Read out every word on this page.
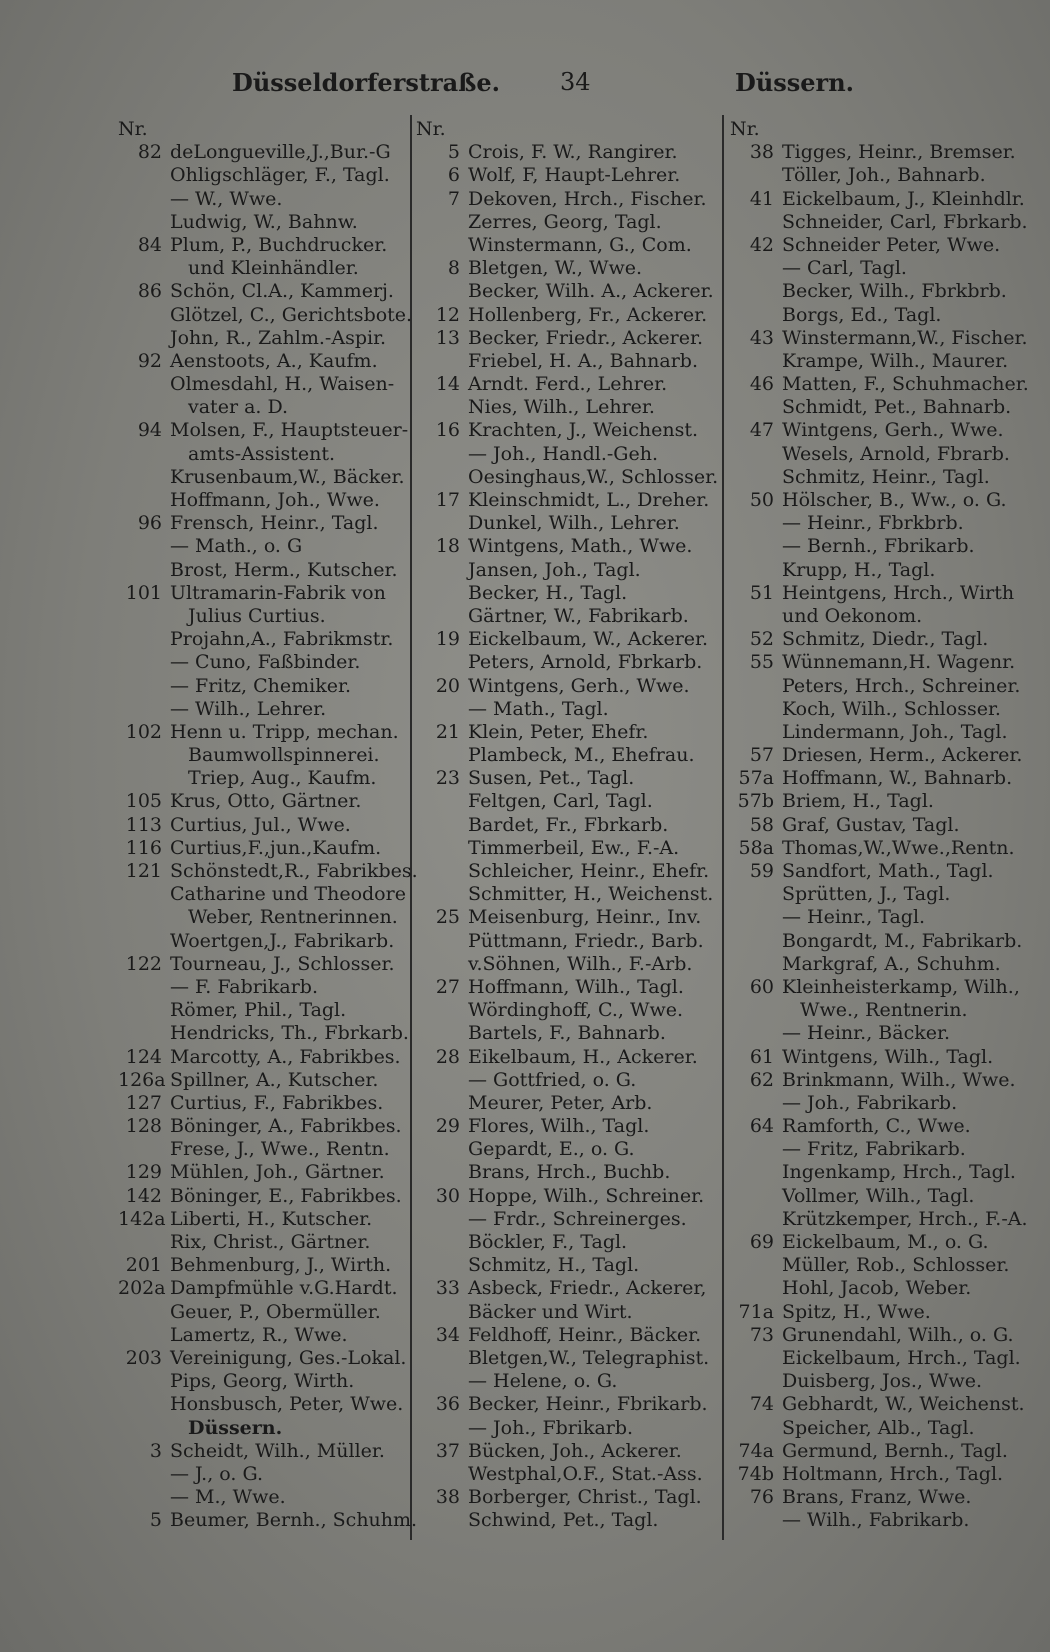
Düsseldorferstraße.	34	Düssern.
Nr.
82 deLongueville,J.,Bur.-G
Ohligschläger, F., Tagl.
— W., Wwe.
Ludwig, W., Bahnw.
84 Plum, P., Buchdrucker.
und Kleinhändler.
86 Schön, Cl.A., Kammerj.
Glötzel, C., Gerichtsbote.
John, R., Zahlm.-Aspir.
92 Aenstoots, A., Kaufm.
Olmesdahl, H., Waisen-
vater a. D.
94 Molsen, F., Hauptsteuer-
amts-Assistent.
Krusenbaum,W., Bäcker.
Hoffmann, Joh., Wwe.
96 Frensch, Heinr., Tagl.
— Math., o. G
Brost, Herm., Kutscher.
101 Ultramarin-Fabrik von
Julius Curtius.
Projahn,A., Fabrikmstr.
— Cuno, Faßbinder.
— Fritz, Chemiker.
— Wilh., Lehrer.
102 Henn u. Tripp, mechan.
Baumwollspinnerei.
Triep, Aug., Kaufm.
105 Krus, Otto, Gärtner.
113 Curtius, Jul., Wwe.
116 Curtius,F.,jun.,Kaufm.
121 Schönstedt,R., Fabrikbes.
Catharine und Theodore
Weber, Rentnerinnen.
Woertgen,J., Fabrikarb.
122 Tourneau, J., Schlosser.
— F. Fabrikarb.
Römer, Phil., Tagl.
Hendricks, Th., Fbrkarb.
124 Marcotty, A., Fabrikbes.
126a Spillner, A., Kutscher.
127 Curtius, F., Fabrikbes.
128 Böninger, A., Fabrikbes.
Frese, J., Wwe., Rentn.
129 Mühlen, Joh., Gärtner.
142 Böninger, E., Fabrikbes.
142a Liberti, H., Kutscher.
Rix, Christ., Gärtner.
201 Behmenburg, J., Wirth.
202a Dampfmühle v.G.Hardt.
Geuer, P., Obermüller.
Lamertz, R., Wwe.
203 Vereinigung, Ges.-Lokal.
Pips, Georg, Wirth.
Honsbusch, Peter, Wwe.
Düssern.
3 Scheidt, Wilh., Müller.
— J., o. G.
— M., Wwe.
5 Beumer, Bernh., Schuhm.
Nr.
5 Crois, F. W., Rangirer.
6 Wolf, F, Haupt-Lehrer.
7 Dekoven, Hrch., Fischer.
Zerres, Georg, Tagl.
Winstermann, G., Com.
8 Bletgen, W., Wwe.
Becker, Wilh. A., Ackerer.
12 Hollenberg, Fr., Ackerer.
13 Becker, Friedr., Ackerer.
Friebel, H. A., Bahnarb.
14 Arndt. Ferd., Lehrer.
Nies, Wilh., Lehrer.
16 Krachten, J., Weichenst.
— Joh., Handl.-Geh.
Oesinghaus,W., Schlosser.
17 Kleinschmidt, L., Dreher.
Dunkel, Wilh., Lehrer.
18 Wintgens, Math., Wwe.
Jansen, Joh., Tagl.
Becker, H., Tagl.
Gärtner, W., Fabrikarb.
19 Eickelbaum, W., Ackerer.
Peters, Arnold, Fbrkarb.
20 Wintgens, Gerh., Wwe.
— Math., Tagl.
21 Klein, Peter, Ehefr.
Plambeck, M., Ehefrau.
23 Susen, Pet., Tagl.
Feltgen, Carl, Tagl.
Bardet, Fr., Fbrkarb.
Timmerbeil, Ew., F.-A.
Schleicher, Heinr., Ehefr.
Schmitter, H., Weichenst.
25 Meisenburg, Heinr., Inv.
Püttmann, Friedr., Barb.
v.Söhnen, Wilh., F.-Arb.
27 Hoffmann, Wilh., Tagl.
Wördinghoff, C., Wwe.
Bartels, F., Bahnarb.
28 Eikelbaum, H., Ackerer.
— Gottfried, o. G.
Meurer, Peter, Arb.
29 Flores, Wilh., Tagl.
Gepardt, E., o. G.
Brans, Hrch., Buchb.
30 Hoppe, Wilh., Schreiner.
— Frdr., Schreinerges.
Böckler, F., Tagl.
Schmitz, H., Tagl.
33 Asbeck, Friedr., Ackerer,
Bäcker und Wirt.
34 Feldhoff, Heinr., Bäcker.
Bletgen,W., Telegraphist.
— Helene, o. G.
36 Becker, Heinr., Fbrikarb.
— Joh., Fbrikarb.
37 Bücken, Joh., Ackerer.
Westphal,O.F., Stat.-Ass.
38 Borberger, Christ., Tagl.
Schwind, Pet., Tagl.
Nr.
38 Tigges, Heinr., Bremser.
Töller, Joh., Bahnarb.
41 Eickelbaum, J., Kleinhdlr.
Schneider, Carl, Fbrkarb.
42 Schneider Peter, Wwe.
— Carl, Tagl.
Becker, Wilh., Fbrkbrb.
Borgs, Ed., Tagl.
43 Winstermann,W., Fischer.
Krampe, Wilh., Maurer.
46 Matten, F., Schuhmacher.
Schmidt, Pet., Bahnarb.
47 Wintgens, Gerh., Wwe.
Wesels, Arnold, Fbrarb.
Schmitz, Heinr., Tagl.
50 Hölscher, B., Ww., o. G.
— Heinr., Fbrkbrb.
— Bernh., Fbrikarb.
Krupp, H., Tagl.
51 Heintgens, Hrch., Wirth
und Oekonom.
52 Schmitz, Diedr., Tagl.
55 Wünnemann,H. Wagenr.
Peters, Hrch., Schreiner.
Koch, Wilh., Schlosser.
Lindermann, Joh., Tagl.
57 Driesen, Herm., Ackerer.
57a Hoffmann, W., Bahnarb.
57b Briem, H., Tagl.
58 Graf, Gustav, Tagl.
58a Thomas,W.,Wwe.,Rentn.
59 Sandfort, Math., Tagl.
Sprütten, J., Tagl.
— Heinr., Tagl.
Bongardt, M., Fabrikarb.
Markgraf, A., Schuhm.
60 Kleinheisterkamp, Wilh.,
Wwe., Rentnerin.
— Heinr., Bäcker.
61 Wintgens, Wilh., Tagl.
62 Brinkmann, Wilh., Wwe.
— Joh., Fabrikarb.
64 Ramforth, C., Wwe.
— Fritz, Fabrikarb.
Ingenkamp, Hrch., Tagl.
Vollmer, Wilh., Tagl.
Krützkemper, Hrch., F.-A.
69 Eickelbaum, M., o. G.
Müller, Rob., Schlosser.
Hohl, Jacob, Weber.
71a Spitz, H., Wwe.
73 Grunendahl, Wilh., o. G.
Eickelbaum, Hrch., Tagl.
Duisberg, Jos., Wwe.
74 Gebhardt, W., Weichenst.
Speicher, Alb., Tagl.
74a Germund, Bernh., Tagl.
74b Holtmann, Hrch., Tagl.
76 Brans, Franz, Wwe.
— Wilh., Fabrikarb.
